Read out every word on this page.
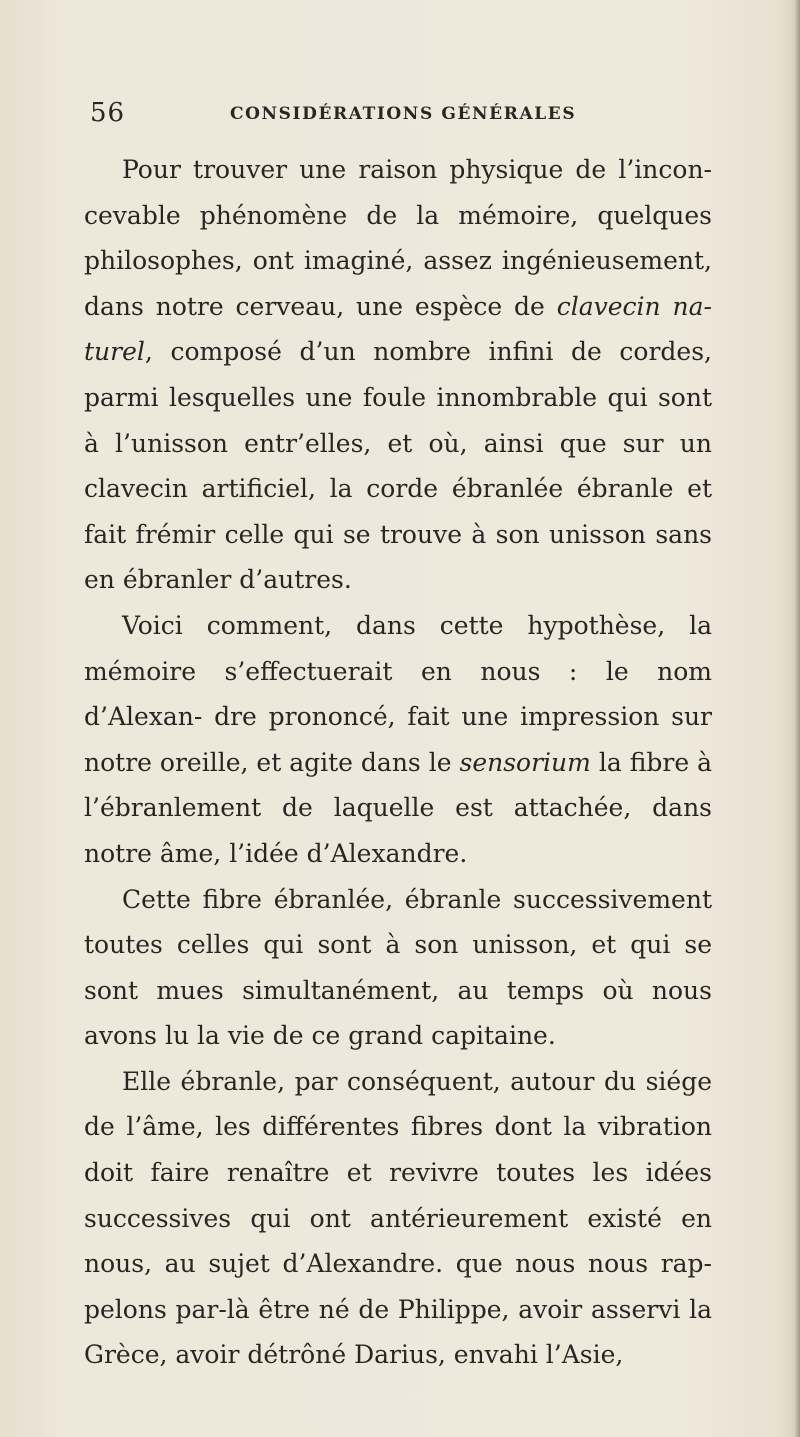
56	CONSIDÉRATIONS GÉNÉRALES

Pour trouver une raison physique de l’incon- cevable phénomène de la mémoire, quelques philosophes, ont imaginé, assez ingénieusement, dans notre cerveau, une espèce de clavecin na- turel, composé d’un nombre infini de cordes, parmi lesquelles une foule innombrable qui sont à l’unisson entr’elles, et où, ainsi que sur un clavecin artificiel, la corde ébranlée ébranle et fait frémir celle qui se trouve à son unisson sans en ébranler d’autres.

Voici comment, dans cette hypothèse, la mémoire s’effectuerait en nous : le nom d’Alexan- dre prononcé, fait une impression sur notre oreille, et agite dans le sensorium la fibre à l’ébranlement de laquelle est attachée, dans notre âme, l’idée d’Alexandre.

Cette fibre ébranlée, ébranle successivement toutes celles qui sont à son unisson, et qui se sont mues simultanément, au temps où nous avons lu la vie de ce grand capitaine.

Elle ébranle, par conséquent, autour du siége de l’âme, les différentes fibres dont la vibration doit faire renaître et revivre toutes les idées successives qui ont antérieurement existé en nous, au sujet d’Alexandre. que nous nous rap- pelons par-là être né de Philippe, avoir asservi la Grèce, avoir détrôné Darius, envahi l’Asie,
